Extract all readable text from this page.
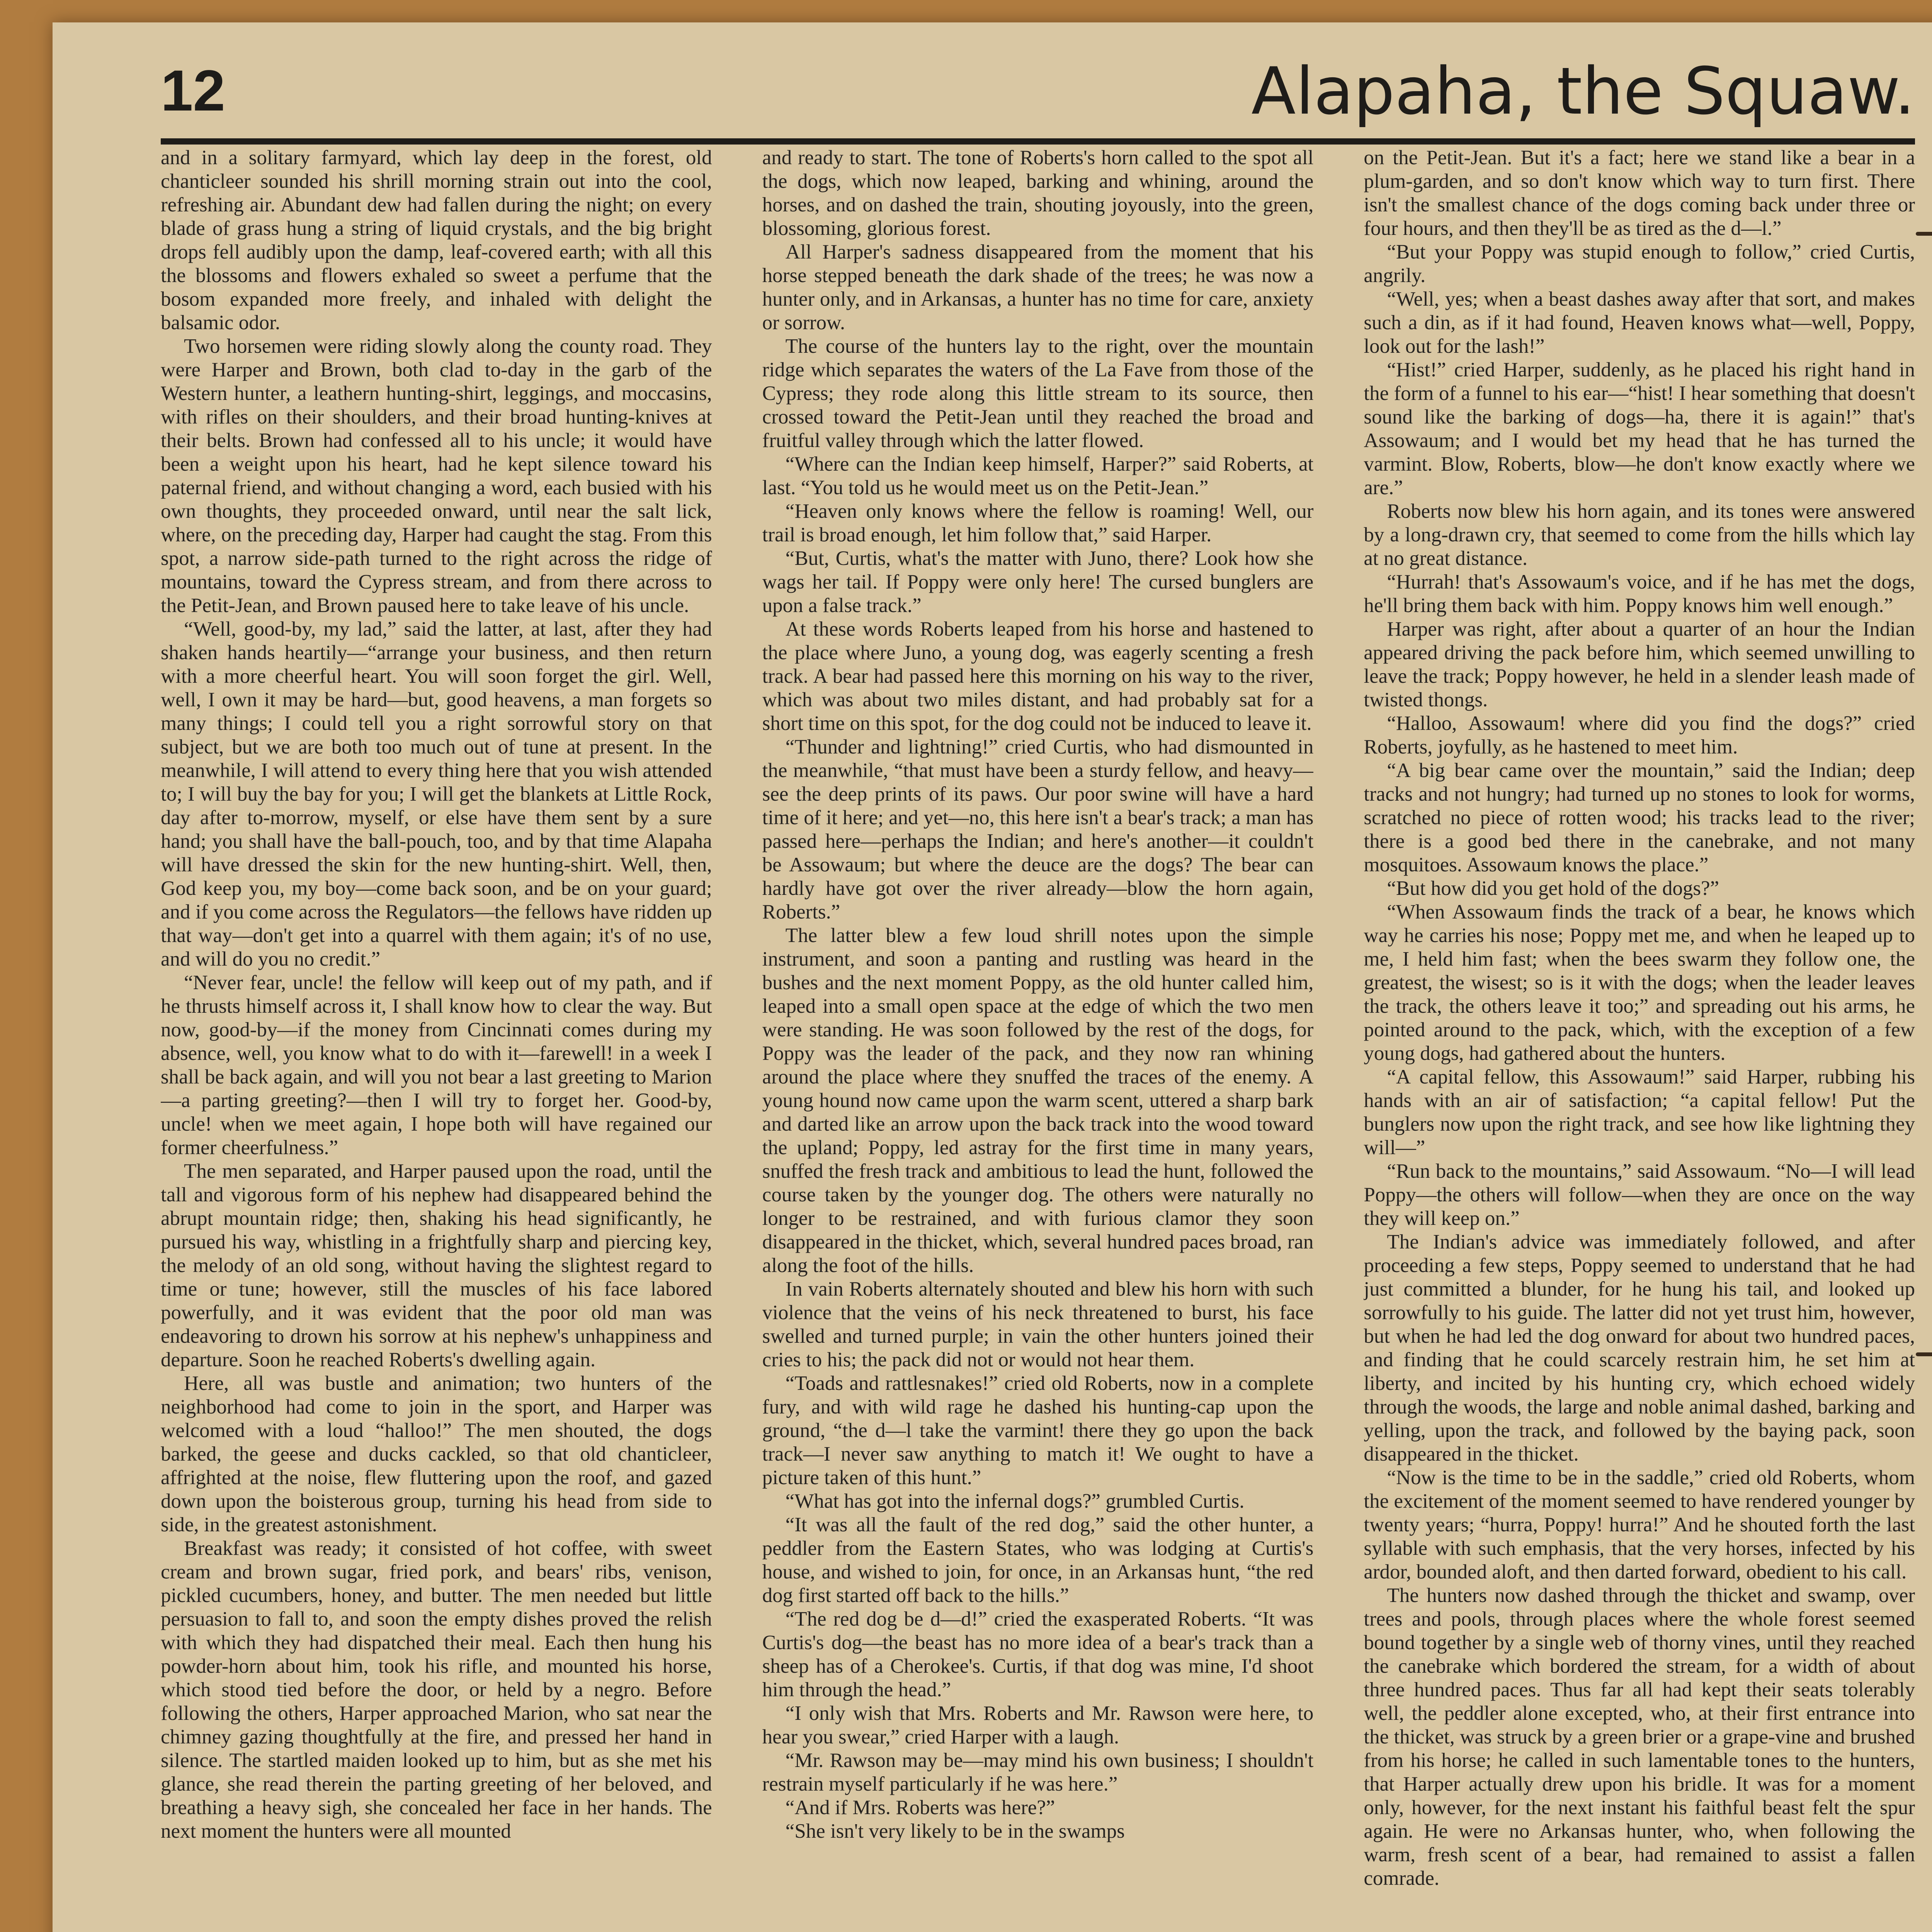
12	Alapaha, the Squaw.

and in a solitary farmyard, which lay deep in the forest, old chanticleer sounded his shrill morning strain out into the cool, refreshing air. Abundant dew had fallen during the night; on every blade of grass hung a string of liquid crystals, and the big bright drops fell audibly upon the damp, leaf-covered earth; with all this the blossoms and flowers exhaled so sweet a perfume that the bosom expanded more freely, and inhaled with delight the balsamic odor.

Two horsemen were riding slowly along the county road. They were Harper and Brown, both clad to-day in the garb of the Western hunter, a leathern hunting-shirt, leggings, and moccasins, with rifles on their shoulders, and their broad hunting-knives at their belts. Brown had confessed all to his uncle; it would have been a weight upon his heart, had he kept silence toward his paternal friend, and without changing a word, each busied with his own thoughts, they proceeded onward, until near the salt lick, where, on the preceding day, Harper had caught the stag. From this spot, a narrow side-path turned to the right across the ridge of mountains, toward the Cypress stream, and from there across to the Petit-Jean, and Brown paused here to take leave of his uncle.

“Well, good-by, my lad,” said the latter, at last, after they had shaken hands heartily—“arrange your business, and then return with a more cheerful heart. You will soon forget the girl. Well, well, I own it may be hard—but, good heavens, a man forgets so many things; I could tell you a right sorrowful story on that subject, but we are both too much out of tune at present. In the meanwhile, I will attend to every thing here that you wish attended to; I will buy the bay for you; I will get the blankets at Little Rock, day after to-morrow, myself, or else have them sent by a sure hand; you shall have the ball-pouch, too, and by that time Alapaha will have dressed the skin for the new hunting-shirt. Well, then, God keep you, my boy—come back soon, and be on your guard; and if you come across the Regulators—the fellows have ridden up that way—don't get into a quarrel with them again; it's of no use, and will do you no credit.”

“Never fear, uncle! the fellow will keep out of my path, and if he thrusts himself across it, I shall know how to clear the way. But now, good-by—if the money from Cincinnati comes during my absence, well, you know what to do with it—farewell! in a week I shall be back again, and will you not bear a last greeting to Marion—a parting greeting?—then I will try to forget her. Good-by, uncle! when we meet again, I hope both will have regained our former cheerfulness.”

The men separated, and Harper paused upon the road, until the tall and vigorous form of his nephew had disappeared behind the abrupt mountain ridge; then, shaking his head significantly, he pursued his way, whistling in a frightfully sharp and piercing key, the melody of an old song, without having the slightest regard to time or tune; however, still the muscles of his face labored powerfully, and it was evident that the poor old man was endeavoring to drown his sorrow at his nephew's unhappiness and departure. Soon he reached Roberts's dwelling again.

Here, all was bustle and animation; two hunters of the neighborhood had come to join in the sport, and Harper was welcomed with a loud “halloo!” The men shouted, the dogs barked, the geese and ducks cackled, so that old chanticleer, affrighted at the noise, flew fluttering upon the roof, and gazed down upon the boisterous group, turning his head from side to side, in the greatest astonishment.

Breakfast was ready; it consisted of hot coffee, with sweet cream and brown sugar, fried pork, and bears' ribs, venison, pickled cucumbers, honey, and butter. The men needed but little persuasion to fall to, and soon the empty dishes proved the relish with which they had dispatched their meal. Each then hung his powder-horn about him, took his rifle, and mounted his horse, which stood tied before the door, or held by a negro. Before following the others, Harper approached Marion, who sat near the chimney gazing thoughtfully at the fire, and pressed her hand in silence. The startled maiden looked up to him, but as she met his glance, she read therein the parting greeting of her beloved, and breathing a heavy sigh, she concealed her face in her hands. The next moment the hunters were all mounted

and ready to start. The tone of Roberts's horn called to the spot all the dogs, which now leaped, barking and whining, around the horses, and on dashed the train, shouting joyously, into the green, blossoming, glorious forest.

All Harper's sadness disappeared from the moment that his horse stepped beneath the dark shade of the trees; he was now a hunter only, and in Arkansas, a hunter has no time for care, anxiety or sorrow.

The course of the hunters lay to the right, over the mountain ridge which separates the waters of the La Fave from those of the Cypress; they rode along this little stream to its source, then crossed toward the Petit-Jean until they reached the broad and fruitful valley through which the latter flowed.

“Where can the Indian keep himself, Harper?” said Roberts, at last. “You told us he would meet us on the Petit-Jean.”

“Heaven only knows where the fellow is roaming! Well, our trail is broad enough, let him follow that,” said Harper.

“But, Curtis, what's the matter with Juno, there? Look how she wags her tail. If Poppy were only here! The cursed bunglers are upon a false track.”

At these words Roberts leaped from his horse and hastened to the place where Juno, a young dog, was eagerly scenting a fresh track. A bear had passed here this morning on his way to the river, which was about two miles distant, and had probably sat for a short time on this spot, for the dog could not be induced to leave it.

“Thunder and lightning!” cried Curtis, who had dismounted in the meanwhile, “that must have been a sturdy fellow, and heavy—see the deep prints of its paws. Our poor swine will have a hard time of it here; and yet—no, this here isn't a bear's track; a man has passed here—perhaps the Indian; and here's another—it couldn't be Assowaum; but where the deuce are the dogs? The bear can hardly have got over the river already—blow the horn again, Roberts.”

The latter blew a few loud shrill notes upon the simple instrument, and soon a panting and rustling was heard in the bushes and the next moment Poppy, as the old hunter called him, leaped into a small open space at the edge of which the two men were standing. He was soon followed by the rest of the dogs, for Poppy was the leader of the pack, and they now ran whining around the place where they snuffed the traces of the enemy. A young hound now came upon the warm scent, uttered a sharp bark and darted like an arrow upon the back track into the wood toward the upland; Poppy, led astray for the first time in many years, snuffed the fresh track and ambitious to lead the hunt, followed the course taken by the younger dog. The others were naturally no longer to be restrained, and with furious clamor they soon disappeared in the thicket, which, several hundred paces broad, ran along the foot of the hills.

In vain Roberts alternately shouted and blew his horn with such violence that the veins of his neck threatened to burst, his face swelled and turned purple; in vain the other hunters joined their cries to his; the pack did not or would not hear them.

“Toads and rattlesnakes!” cried old Roberts, now in a complete fury, and with wild rage he dashed his hunting-cap upon the ground, “the d—l take the varmint! there they go upon the back track—I never saw anything to match it! We ought to have a picture taken of this hunt.”

“What has got into the infernal dogs?” grumbled Curtis.

“It was all the fault of the red dog,” said the other hunter, a peddler from the Eastern States, who was lodging at Curtis's house, and wished to join, for once, in an Arkansas hunt, “the red dog first started off back to the hills.”

“The red dog be d—d!” cried the exasperated Roberts. “It was Curtis's dog—the beast has no more idea of a bear's track than a sheep has of a Cherokee's. Curtis, if that dog was mine, I'd shoot him through the head.”

“I only wish that Mrs. Roberts and Mr. Rawson were here, to hear you swear,” cried Harper with a laugh.

“Mr. Rawson may be—may mind his own business; I shouldn't restrain myself particularly if he was here.”

“And if Mrs. Roberts was here?”

“She isn't very likely to be in the swamps

on the Petit-Jean. But it's a fact; here we stand like a bear in a plum-garden, and so don't know which way to turn first. There isn't the smallest chance of the dogs coming back under three or four hours, and then they'll be as tired as the d—l.”

“But your Poppy was stupid enough to follow,” cried Curtis, angrily.

“Well, yes; when a beast dashes away after that sort, and makes such a din, as if it had found, Heaven knows what—well, Poppy, look out for the lash!”

“Hist!” cried Harper, suddenly, as he placed his right hand in the form of a funnel to his ear—“hist! I hear something that doesn't sound like the barking of dogs—ha, there it is again!” that's Assowaum; and I would bet my head that he has turned the varmint. Blow, Roberts, blow—he don't know exactly where we are.”

Roberts now blew his horn again, and its tones were answered by a long-drawn cry, that seemed to come from the hills which lay at no great distance.

“Hurrah! that's Assowaum's voice, and if he has met the dogs, he'll bring them back with him. Poppy knows him well enough.”

Harper was right, after about a quarter of an hour the Indian appeared driving the pack before him, which seemed unwilling to leave the track; Poppy however, he held in a slender leash made of twisted thongs.

“Halloo, Assowaum! where did you find the dogs?” cried Roberts, joyfully, as he hastened to meet him.

“A big bear came over the mountain,” said the Indian; deep tracks and not hungry; had turned up no stones to look for worms, scratched no piece of rotten wood; his tracks lead to the river; there is a good bed there in the canebrake, and not many mosquitoes. Assowaum knows the place.”

“But how did you get hold of the dogs?”

“When Assowaum finds the track of a bear, he knows which way he carries his nose; Poppy met me, and when he leaped up to me, I held him fast; when the bees swarm they follow one, the greatest, the wisest; so is it with the dogs; when the leader leaves the track, the others leave it too;” and spreading out his arms, he pointed around to the pack, which, with the exception of a few young dogs, had gathered about the hunters.

“A capital fellow, this Assowaum!” said Harper, rubbing his hands with an air of satisfaction; “a capital fellow! Put the bunglers now upon the right track, and see how like lightning they will—”

“Run back to the mountains,” said Assowaum. “No—I will lead Poppy—the others will follow—when they are once on the way they will keep on.”

The Indian's advice was immediately followed, and after proceeding a few steps, Poppy seemed to understand that he had just committed a blunder, for he hung his tail, and looked up sorrowfully to his guide. The latter did not yet trust him, however, but when he had led the dog onward for about two hundred paces, and finding that he could scarcely restrain him, he set him at liberty, and incited by his hunting cry, which echoed widely through the woods, the large and noble animal dashed, barking and yelling, upon the track, and followed by the baying pack, soon disappeared in the thicket.

“Now is the time to be in the saddle,” cried old Roberts, whom the excitement of the moment seemed to have rendered younger by twenty years; “hurra, Poppy! hurra!” And he shouted forth the last syllable with such emphasis, that the very horses, infected by his ardor, bounded aloft, and then darted forward, obedient to his call.

The hunters now dashed through the thicket and swamp, over trees and pools, through places where the whole forest seemed bound together by a single web of thorny vines, until they reached the canebrake which bordered the stream, for a width of about three hundred paces. Thus far all had kept their seats tolerably well, the peddler alone excepted, who, at their first entrance into the thicket, was struck by a green brier or a grape-vine and brushed from his horse; he called in such lamentable tones to the hunters, that Harper actually drew upon his bridle. It was for a moment only, however, for the next instant his faithful beast felt the spur again. He were no Arkansas hunter, who, when following the warm, fresh scent of a bear, had remained to assist a fallen comrade.
